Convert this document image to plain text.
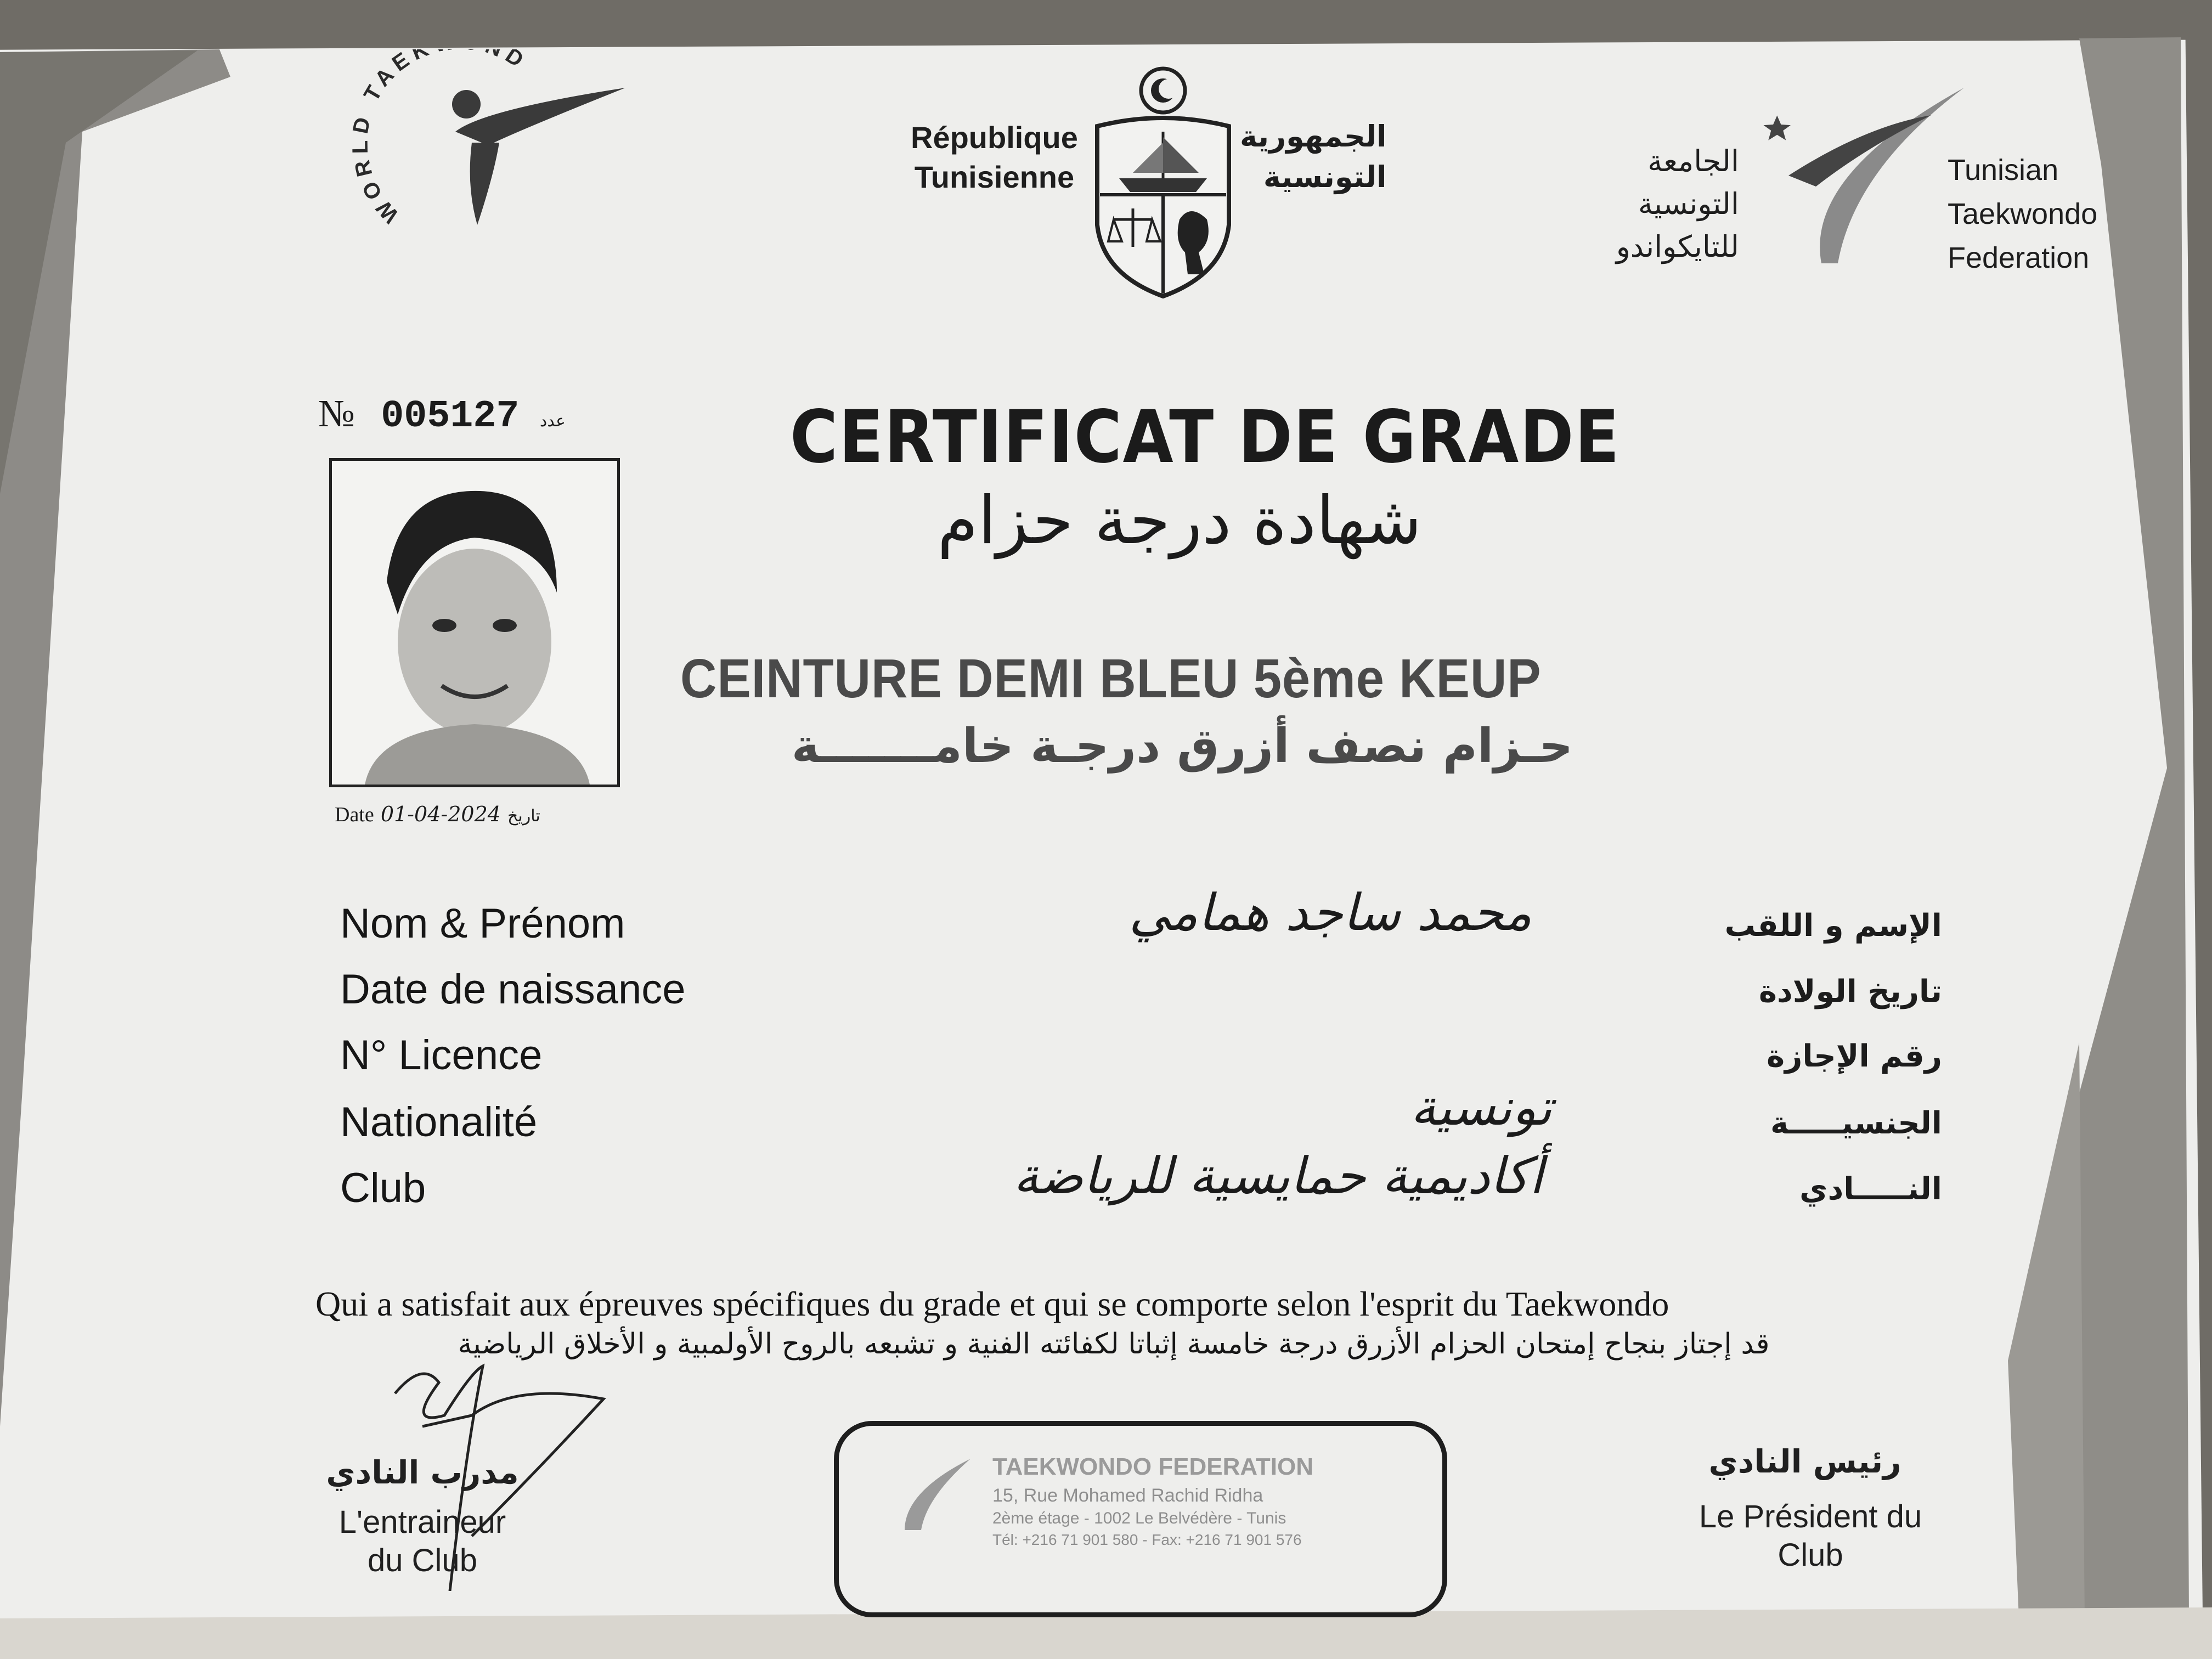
WORLD TAEK D
République
Tunisienne
الجمهورية
التونسية	الجامعة
التونسية
للتايكواندو
Tunisian
Taekwondo
Federation
№ 005127 عدد	CERTIFICAT DE GRADE
شهادة درجة حزام
CEINTURE DEMI BLEU 5ème KEUP
حـزام نصف أزرق درجـة خامـــــــة
Date 01-04-2024 تاريخ
Nom & Prénom
Date de naissance
N° Licence
Nationalité
Club
الإسم و اللقب
تاريخ الولادة
رقم الإجازة
الجنسيـــــة
النـــــادي
محمد ساجد همامي
تونسية
أكاديمية حمايسية للرياضة
Qui a satisfait aux épreuves spécifiques du grade et qui se comporte selon l'esprit du Taekwondo
قد إجتاز بنجاح إمتحان الحزام الأزرق درجة خامسة إثباتا لكفائته الفنية و تشبعه بالروح الأولمبية و الأخلاق الرياضية
مدرب النادي
L'entraineur
du Club
TAEKWONDO FEDERATION
15, Rue Mohamed Rachid Ridha
2ème étage - 1002 Le Belvédère - Tunis
Tél: +216 71 901 580 - Fax: +216 71 901 576
رئيس النادي
Le Président du
Club
